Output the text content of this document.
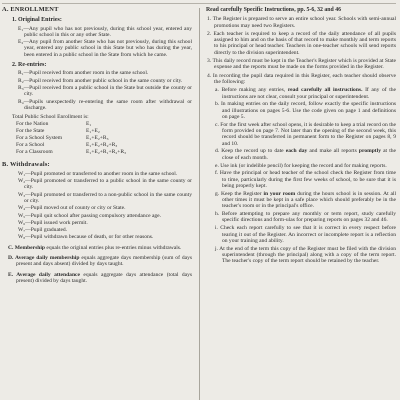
A. ENROLLMENT
1. Original Entries:
E₁—Any pupil who has not previously, during this school year, entered any public school in this or any other State.
E₂—Any pupil from another State who has not previously, during this school year, entered any public school in this State but who has during the year, been entered in a public school in the State from which he came.
2. Re-entries:
R₁—Pupil received from another room in the same school.
R₂—Pupil received from another public school in the same county or city.
R₃—Pupil received from a public school in the State but outside the county or city.
R₄—Pupils unexpectedly re-entering the same room after withdrawal or discharge.
Total Public School Enrollment is:
For the Nation	E₁
For the State	E₁+E₂
For a School System	E₁+E₂+R₃
For a School	E₁+E₂+R₂+R₃
For a Classroom	E₁+E₂+R₁+R₂+R₃
B. Withdrawals:
W₁—Pupil promoted or transferred to another room in the same school.
W₂—Pupil promoted or transferred to a public school in the same county or city.
W₃—Pupil promoted or transferred to a non-public school in the same county or city.
W₄—Pupil moved out of county or city or State.
W₅—Pupil quit school after passing compulsory attendance age.
W₆—Pupil issued work permit.
W₇—Pupil graduated.
W₈—Pupil withdrawn because of death, or for other reasons.
C. Membership equals the original entries plus re-entries minus withdrawals.
D. Average daily membership equals aggregate days membership (sum of days present and days absent) divided by days taught.
E. Average daily attendance equals aggregate days attendance (total days present) divided by days taught.
Read carefully Specific Instructions, pp. 5-6, 32 and 46
1. The Register is prepared to serve an entire school year. Schools with semi-annual promotions may need two Registers.
2. Each teacher is required to keep a record of the daily attendance of all pupils assigned to him and on the basis of that record to make monthly and term reports to his principal or head teacher. Teachers in one-teacher schools will send reports directly to the division superintendent.
3. This daily record must be kept in the Teacher's Register which is provided at State expense and the reports must be made on the forms provided in the Register.
4. In recording the pupil data required in this Register, each teacher should observe the following:
a. Before making any entries, read carefully all instructions. If any of the instructions are not clear, consult your principal or superintendent.
b. In making entries on the daily record, follow exactly the specific instructions and illustrations on pages 5-6. Use the code given on page 1 and definitions on page 5.
c. For the first week after school opens, it is desirable to keep a trial record on the form provided on page 7. Not later than the opening of the second week, this record should be transferred in permanent form to the Register on pages 8, 9 and 10.
d. Keep the record up to date each day and make all reports promptly at the close of each month.
e. Use ink (or indelible pencil) for keeping the record and for making reports.
f. Have the principal or head teacher of the school check the Register from time to time, particularly during the first few weeks of school, to be sure that it is being properly kept.
g. Keep the Register in your room during the hours school is in session. At all other times it must be kept in a safe place which should preferably be in the teacher's room or in the principal's office.
h. Before attempting to prepare any monthly or term report, study carefully specific directions and form-ulas for preparing reports on pages 32 and 46.
i. Check each report carefully to see that it is correct in every respect before tearing it out of the Register. An incorrect or incomplete report is a reflection on your training and ability.
j. At the end of the term this copy of the Register must be filed with the division superintendent (through the principal) along with a copy of the term report. The teacher's copy of the term report should be retained by the teacher.
